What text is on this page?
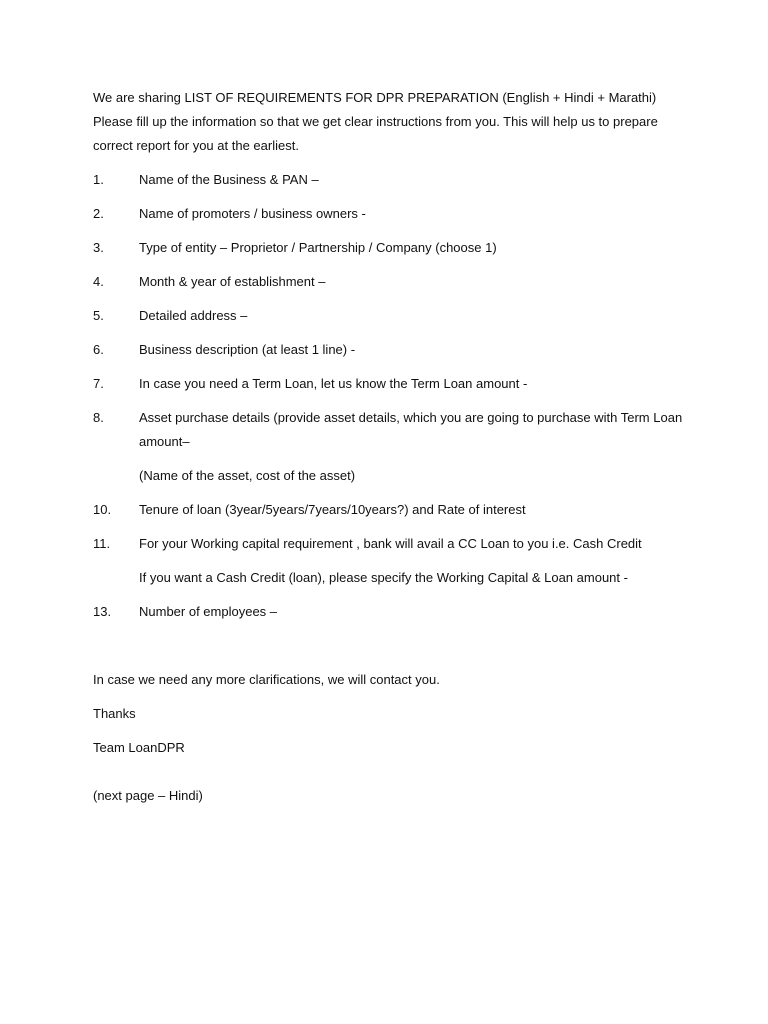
We are sharing LIST OF REQUIREMENTS FOR DPR PREPARATION (English + Hindi + Marathi)

Please fill up the information so that we get clear instructions from you. This will help us to prepare

correct report for you at the earliest.

1.	Name of the Business & PAN –
2.	Name of promoters / business owners -
3.	Type of entity – Proprietor / Partnership / Company (choose 1)
4.	Month & year of establishment –
5.	Detailed address –
6.	Business description (at least 1 line) -
7.	In case you need a Term Loan, let us know the Term Loan amount -
8.	Asset purchase details (provide asset details, which you are going to purchase with Term Loan amount–
(Name of the asset, cost of the asset)
10.	Tenure of loan (3year/5years/7years/10years?) and Rate of interest
11.	For your Working capital requirement , bank will avail a CC Loan to you i.e. Cash Credit
If you want a Cash Credit (loan), please specify the Working Capital & Loan amount -
13.	Number of employees –

In case we need any more clarifications, we will contact you.

Thanks

Team LoanDPR

(next page – Hindi)
